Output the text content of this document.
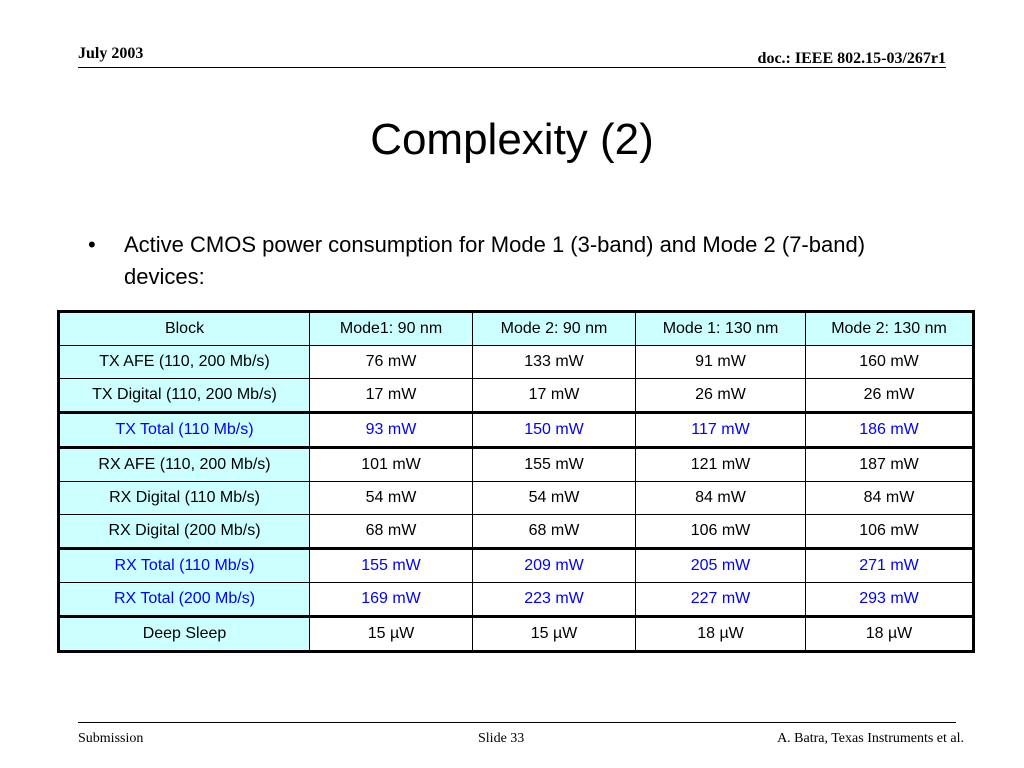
July 2003	doc.: IEEE 802.15-03/267r1
Complexity (2)
• Active CMOS power consumption for Mode 1 (3-band) and Mode 2 (7-band) devices:
Block	Mode1: 90 nm	Mode 2: 90 nm	Mode 1: 130 nm	Mode 2: 130 nm
TX AFE (110, 200 Mb/s)	76 mW	133 mW	91 mW	160 mW
TX Digital (110, 200 Mb/s)	17 mW	17 mW	26 mW	26 mW
TX Total (110 Mb/s)	93 mW	150 mW	117 mW	186 mW
RX AFE (110, 200 Mb/s)	101 mW	155 mW	121 mW	187 mW
RX Digital (110 Mb/s)	54 mW	54 mW	84 mW	84 mW
RX Digital (200 Mb/s)	68 mW	68 mW	106 mW	106 mW
RX Total (110 Mb/s)	155 mW	209 mW	205 mW	271 mW
RX Total (200 Mb/s)	169 mW	223 mW	227 mW	293 mW
Deep Sleep	15 µW	15 µW	18 µW	18 µW
Submission	Slide 33	A. Batra, Texas Instruments et al.
